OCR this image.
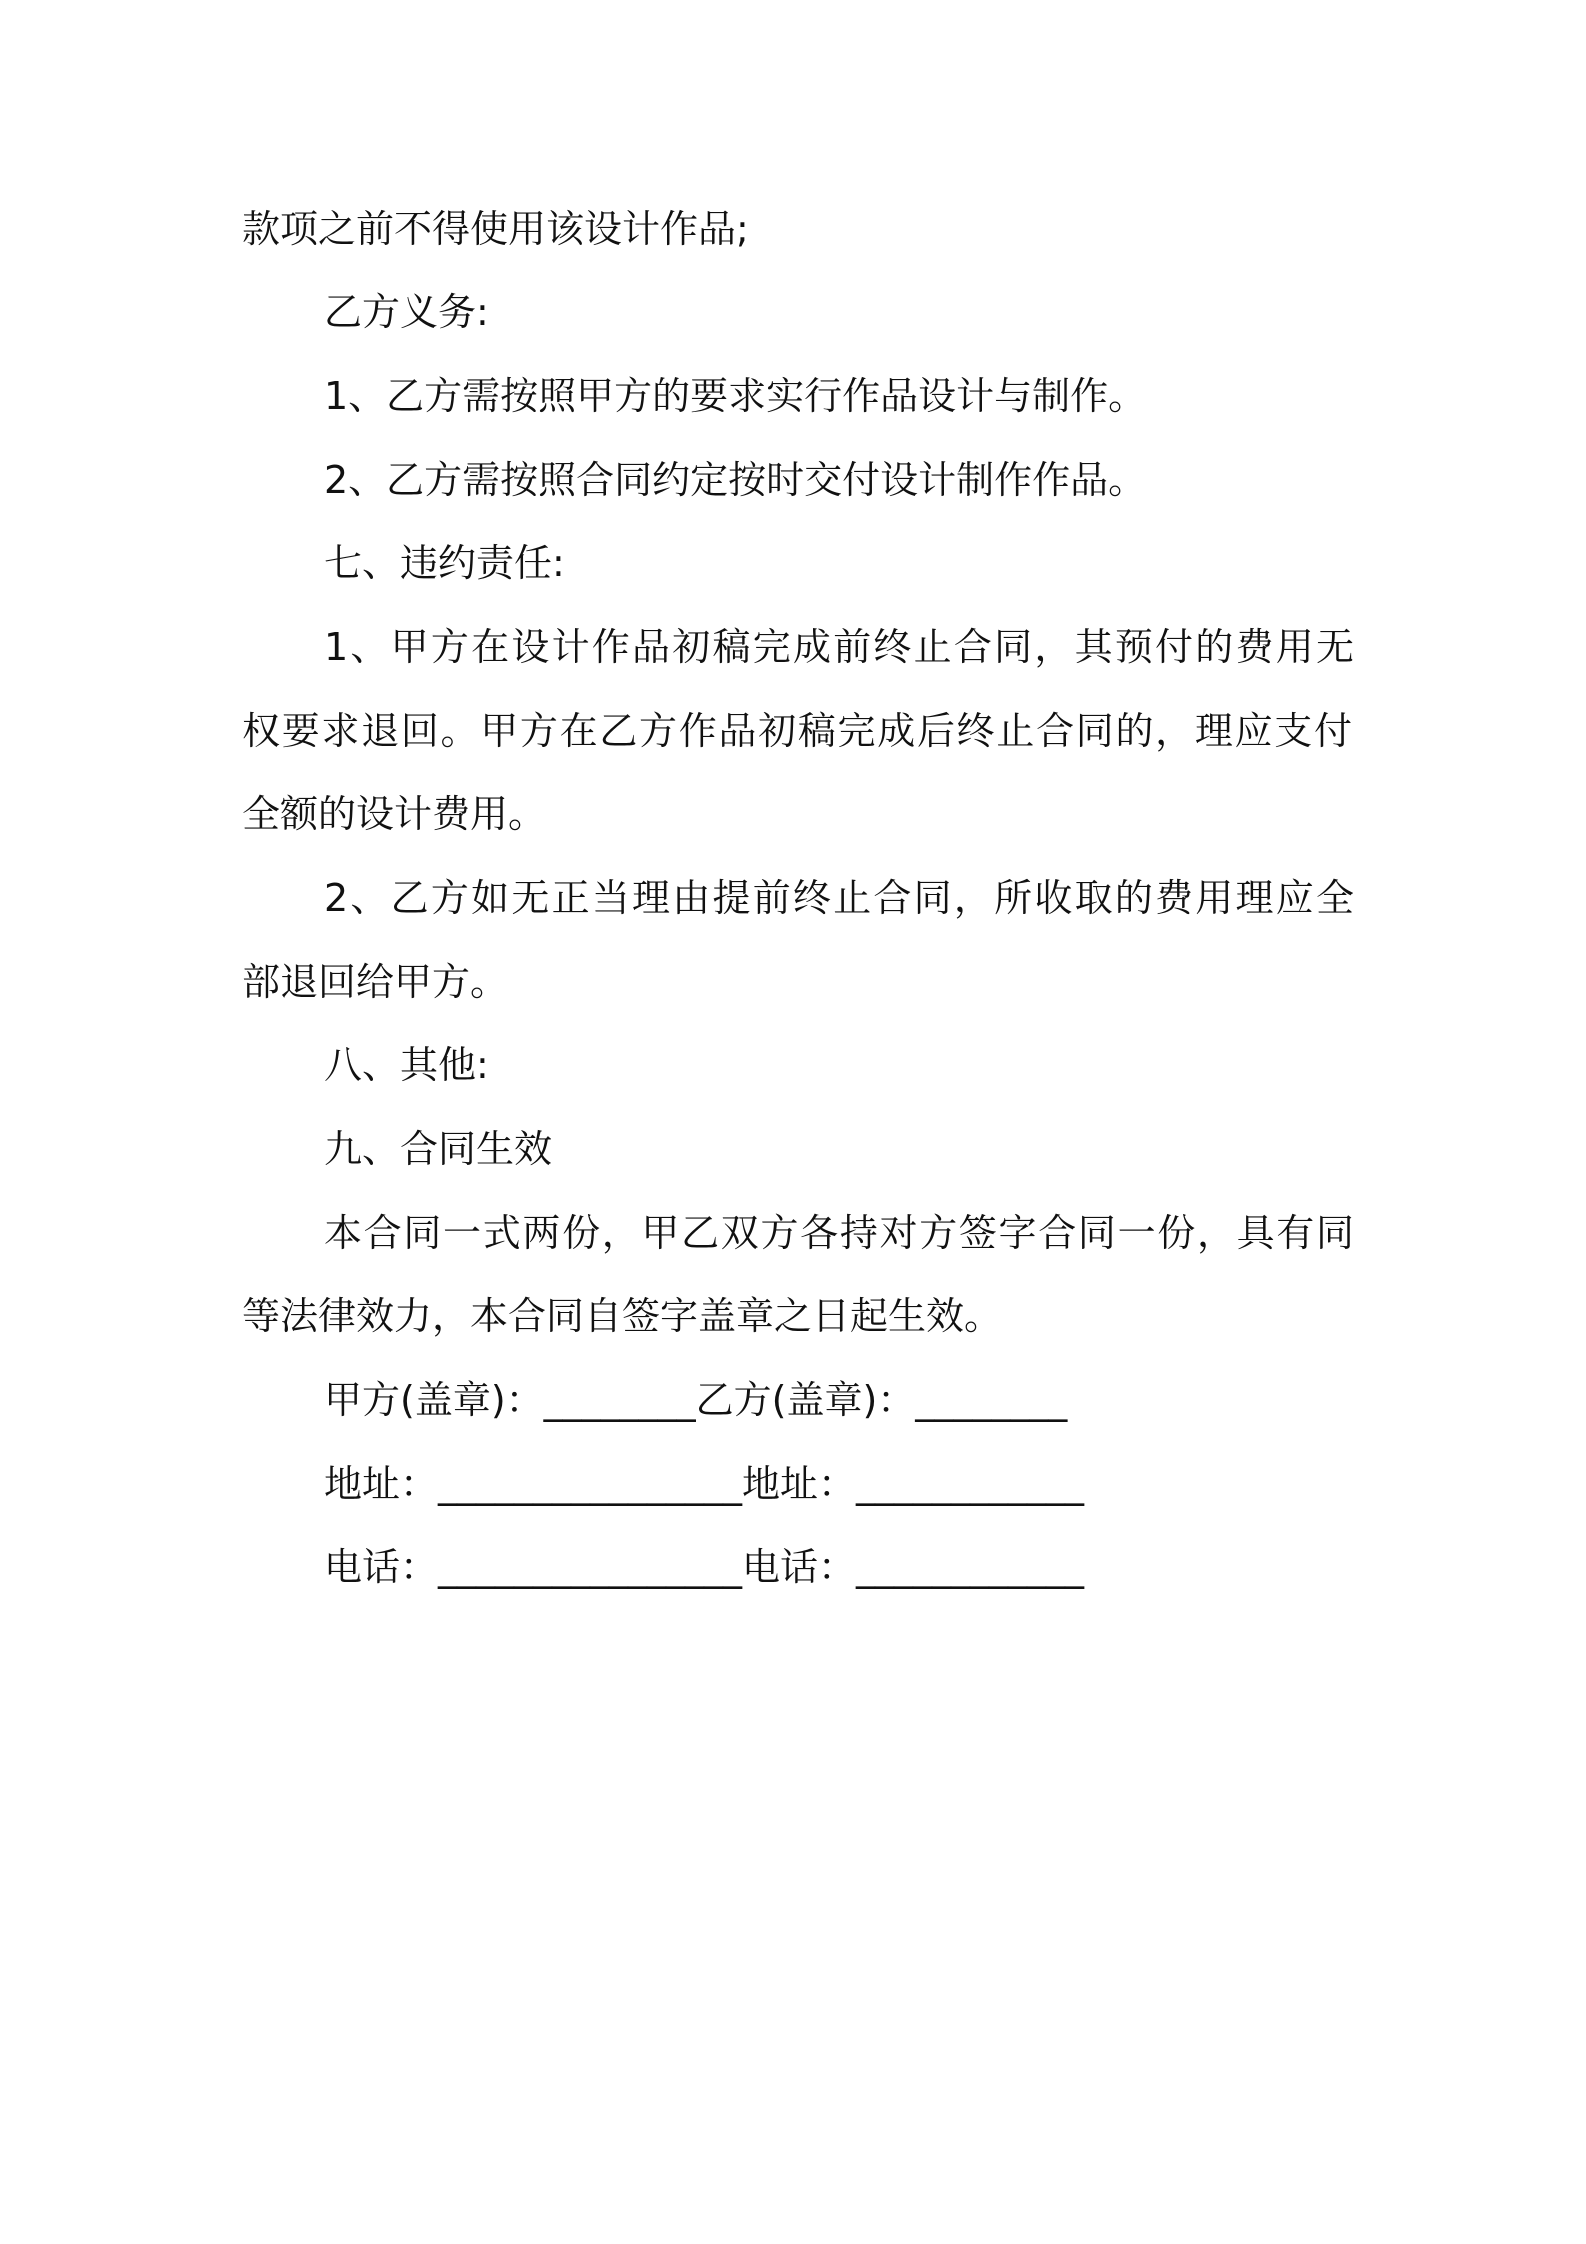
款项之前不得使用该设计作品;
乙方义务:
1、乙方需按照甲方的要求实行作品设计与制作。
2、乙方需按照合同约定按时交付设计制作作品。
七、违约责任:
1、甲方在设计作品初稿完成前终止合同，其预付的费用无
权要求退回。甲方在乙方作品初稿完成后终止合同的，理应支付
全额的设计费用。
2、乙方如无正当理由提前终止合同，所收取的费用理应全
部退回给甲方。
八、其他:
九、合同生效
本合同一式两份，甲乙双方各持对方签字合同一份，具有同
等法律效力，本合同自签字盖章之日起生效。
甲方(盖章)：________乙方(盖章)：________
地址：________________地址：____________
电话：________________电话：____________
